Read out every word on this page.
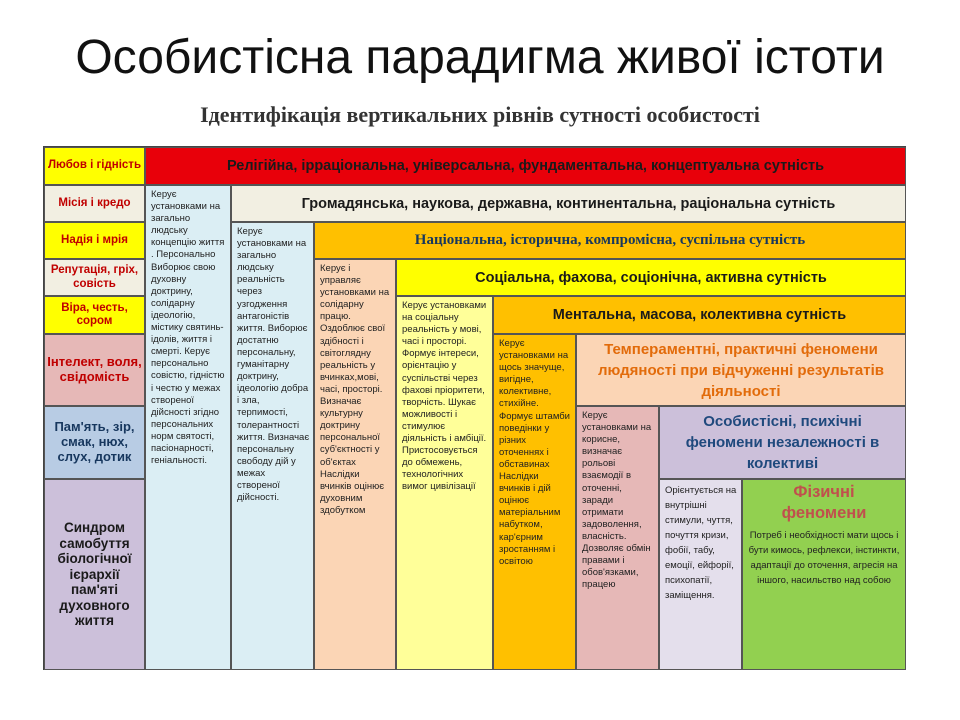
Особистісна парадигма живої істоти
Ідентифікація вертикальних рівнів сутності особистості
Любов і гідність
Місія і кредо
Надія і мрія
Репутація, гріх, совість
Віра, честь, сором
Інтелект, воля, свідомість
Пам'ять, зір, смак, нюх, слух, дотик
Синдром самобуття біологічної ієрархії пам'яті духовного життя
Релігійна, ірраціональна, універсальна, фундаментальна, концептуальна сутність
Громадянська, наукова, державна, континентальна, раціональна сутність
Національна, історична, компромісна, суспільна сутність
Соціальна, фахова, соціонічна, активна сутність
Ментальна, масова, колективна сутність
Темпераментні, практичні феномени людяності при відчуженні результатів діяльності
Особистісні, психічні феномени незалежності в колективі
Фізичні феномени
Потреб і необхідності мати щось і бути кимось, рефлекси, інстинкти, адаптації до оточення, агресія на іншого, насильство над собою
Керує установками на загально людську концепцію життя . Персонально Виборює свою духовну доктрину, солідарну ідеологію, містику святинь-ідолів, життя і смерті. Керує персонально совістю, гідністю і честю у межах створеної дійсності згідно персональних норм святості, пасіонарності, геніальності.
Керує установками на загально людську реальність через узгодження антагоністів життя. Виборює достатню персональну, гуманітарну доктрину, ідеологію добра і зла, терпимості, толерантності життя. Визначає персональну свободу дій у межах створеної дійсності.
Керує і управляє установками на солідарну працю. Оздоблює свої здібності і світоглядну реальність у вчинках,мові, часі, просторі. Визначає культурну доктрину персональної суб'єктності у об'єктах Наслідки вчинків оцінює духовним здобутком
Керує установками на соціальну реальність у мові, часі і просторі. Формує інтереси, орієнтацію у суспільстві через фахові пріоритети, творчість. Шукає можливості і стимулює діяльність і амбіції. Пристосовується до обмежень, технологічних вимог цивілізації
Керує установками на щось значуще, вигідне, колективне, стихійне. Формує штамби поведінки у різних оточеннях і обставинах Наслідки вчинків і дій оцінює матеріальним набутком, кар'єрним зростанням і освітою
Керує установками на корисне, визначає рольові взаємодії в оточенні, заради отримати задоволення, власність. Дозволяє обмін правами і обов'язками, працею
Орієнтується на внутрішні стимули, чуття, почуття кризи, фобії, табу, емоції, ейфорії, психопатії, заміщення.
